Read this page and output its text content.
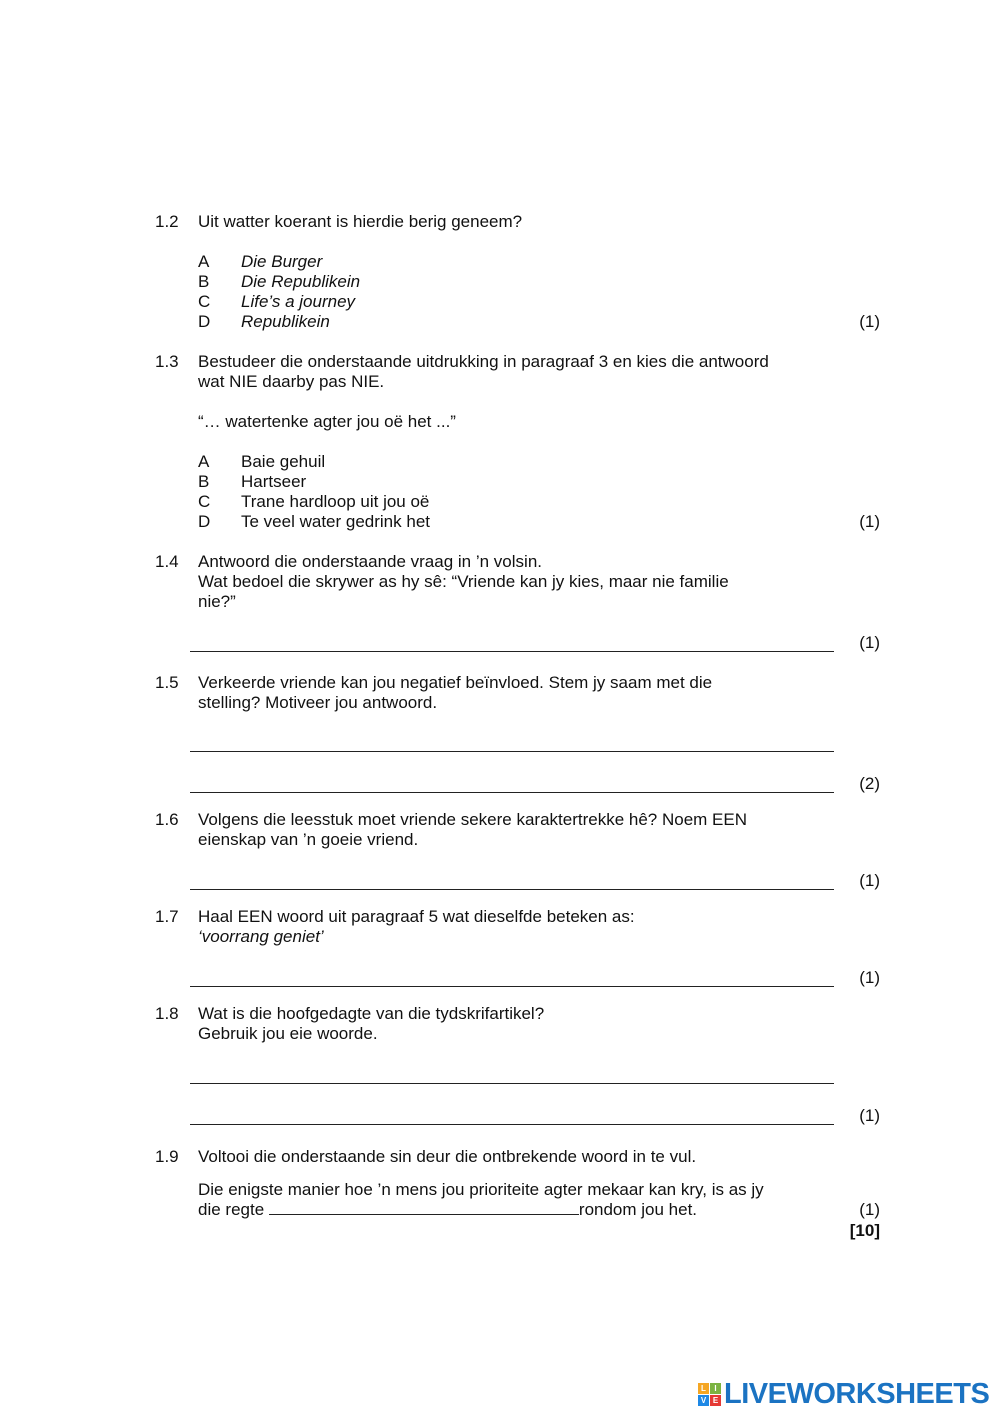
1.2 Uit watter koerant is hierdie berig geneem?
A Die Burger
B Die Republikein
C Life’s a journey
D Republikein	(1)
1.3 Bestudeer die onderstaande uitdrukking in paragraaf 3 en kies die antwoord
wat NIE daarby pas NIE.
“… watertenke agter jou oë het ...”
A Baie gehuil
B Hartseer
C Trane hardloop uit jou oë
D Te veel water gedrink het	(1)
1.4 Antwoord die onderstaande vraag in ’n volsin.
Wat bedoel die skrywer as hy sê: “Vriende kan jy kies, maar nie familie
nie?”
(1)
1.5 Verkeerde vriende kan jou negatief beïnvloed. Stem jy saam met die
stelling? Motiveer jou antwoord.
(2)
1.6 Volgens die leesstuk moet vriende sekere karaktertrekke hê? Noem EEN
eienskap van ’n goeie vriend.
(1)
1.7 Haal EEN woord uit paragraaf 5 wat dieselfde beteken as:
‘voorrang geniet’
(1)
1.8 Wat is die hoofgedagte van die tydskrifartikel?
Gebruik jou eie woorde.
(1)
1.9 Voltooi die onderstaande sin deur die ontbrekende woord in te vul.
Die enigste manier hoe ’n mens jou prioriteite agter mekaar kan kry, is as jy
die regte	rondom jou het.	(1)
[10]
L	I
V E LIVEWORKSHEETS
